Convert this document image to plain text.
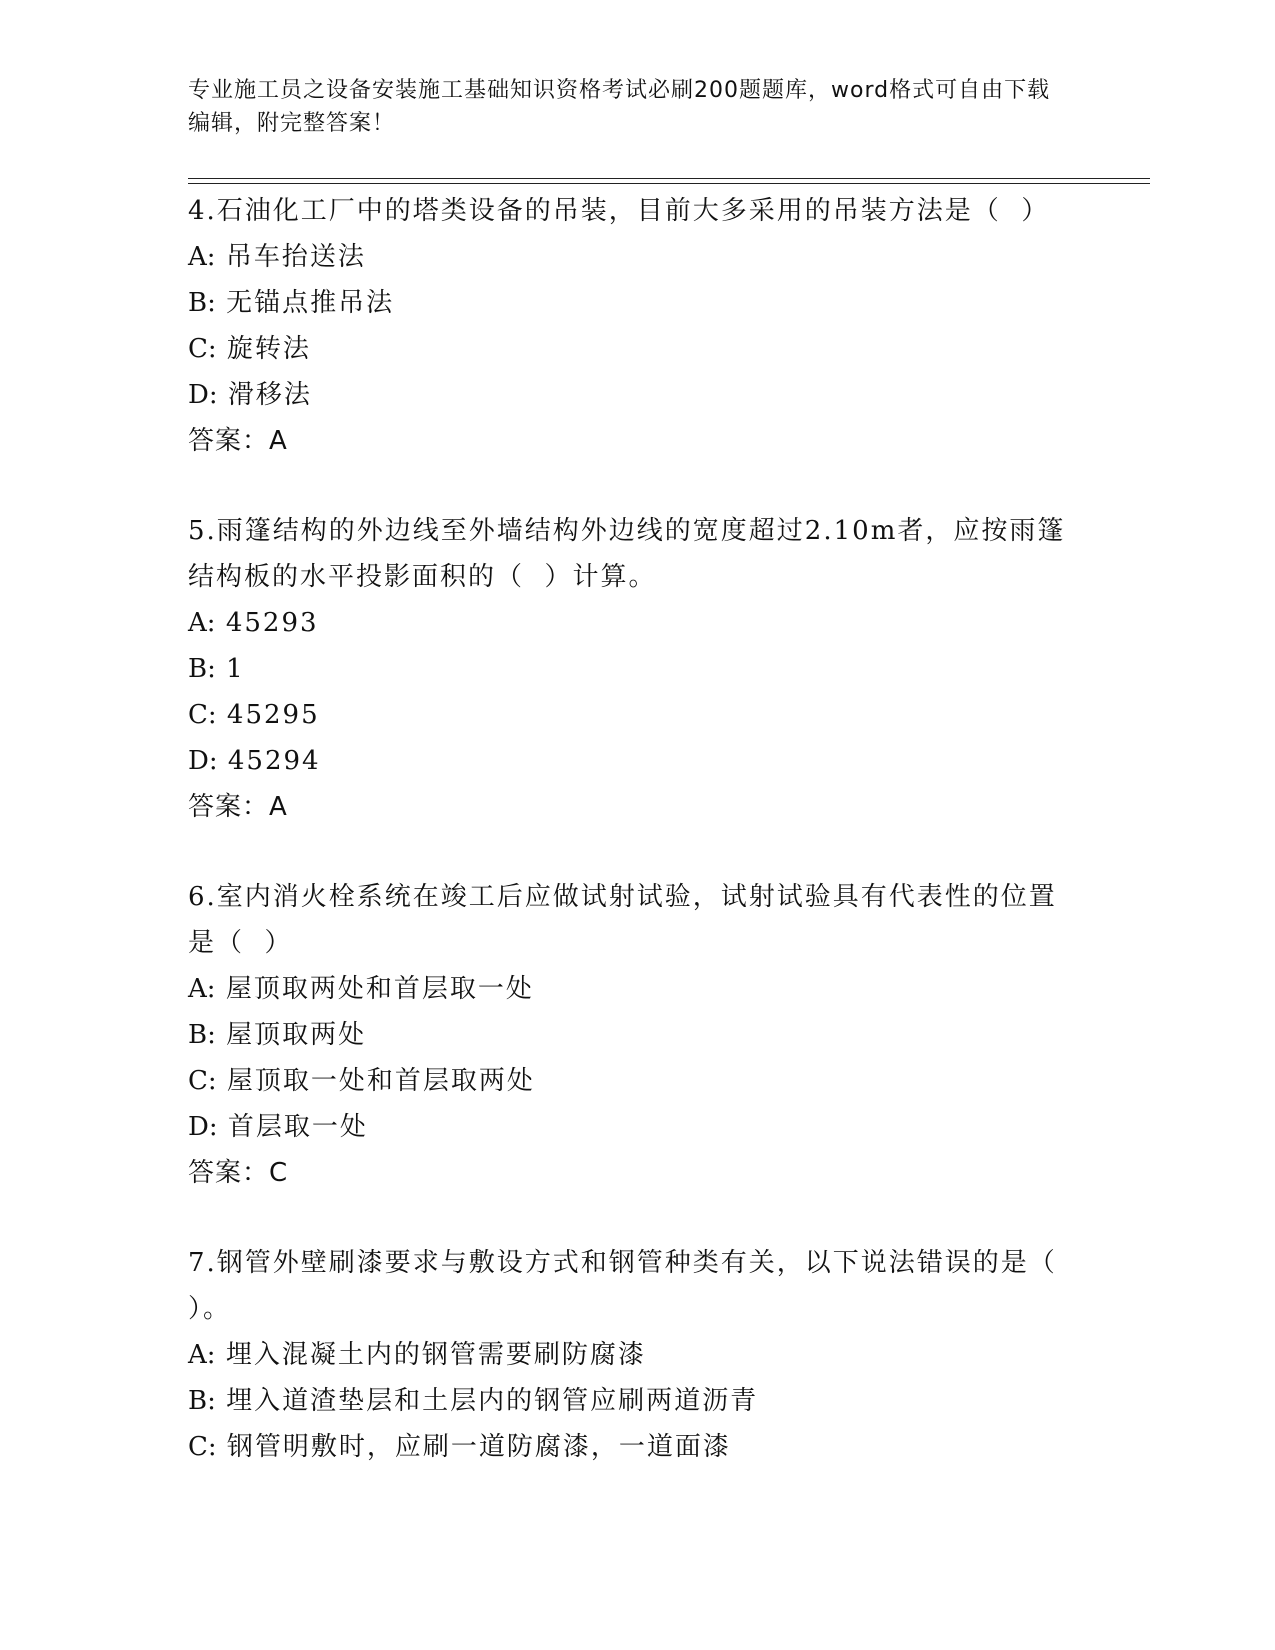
专业施工员之设备安装施工基础知识资格考试必刷200题题库，word格式可自由下载编辑，附完整答案！
4.石油化工厂中的塔类设备的吊装，目前大多采用的吊装方法是（  ）
A: 吊车抬送法
B: 无锚点推吊法
C: 旋转法
D: 滑移法
答案：A
5.雨篷结构的外边线至外墙结构外边线的宽度超过2.10m者，应按雨篷结构板的水平投影面积的（  ）计算。
A: 45293
B: 1
C: 45295
D: 45294
答案：A
6.室内消火栓系统在竣工后应做试射试验，试射试验具有代表性的位置是（  ）
A: 屋顶取两处和首层取一处
B: 屋顶取两处
C: 屋顶取一处和首层取两处
D: 首层取一处
答案：C
7.钢管外壁刷漆要求与敷设方式和钢管种类有关，以下说法错误的是（  ）。
A: 埋入混凝土内的钢管需要刷防腐漆
B: 埋入道渣垫层和土层内的钢管应刷两道沥青
C: 钢管明敷时，应刷一道防腐漆，一道面漆
